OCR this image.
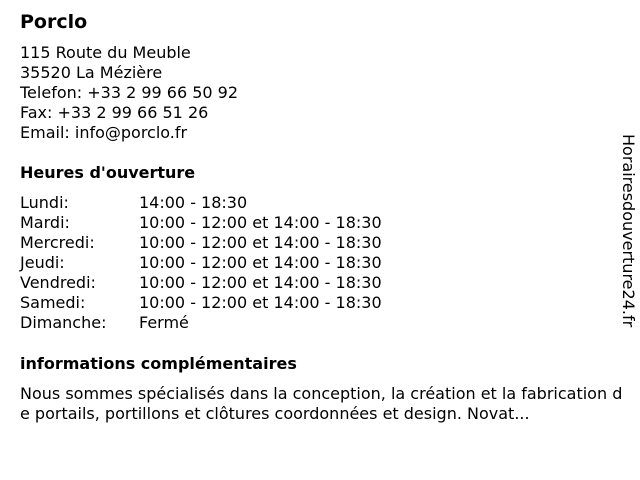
Porclo
115 Route du Meuble
35520 La Mézière
Telefon: +33 2 99 66 50 92
Fax: +33 2 99 66 51 26
Email: info@porclo.fr
Heures d'ouverture
Lundi:	14:00 - 18:30
Mardi:	10:00 - 12:00 et 14:00 - 18:30
Mercredi:	10:00 - 12:00 et 14:00 - 18:30
Jeudi:	10:00 - 12:00 et 14:00 - 18:30
Vendredi:	10:00 - 12:00 et 14:00 - 18:30
Samedi:	10:00 - 12:00 et 14:00 - 18:30
Dimanche:	Fermé
informations complémentaires
Nous sommes spécialisés dans la conception, la création et la fabrication de portails, portillons et clôtures coordonnées et design. Novat...
Horairesdouverture24.fr
